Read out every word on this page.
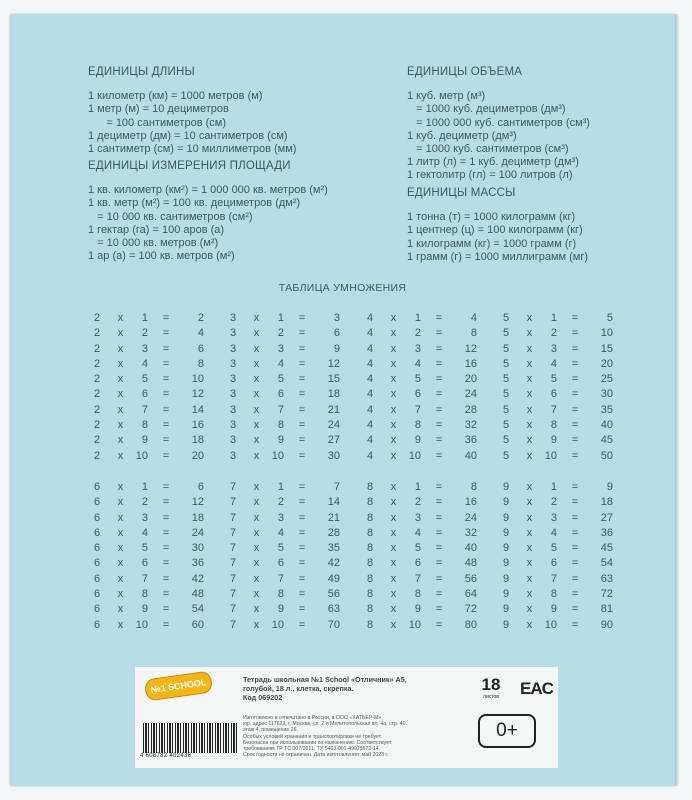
ЕДИНИЦЫ ДЛИНЫ
1 километр (км) = 1000 метров (м)
1 метр (м) = 10 дециметров
= 100 сантиметров (см)
1 дециметр (дм) = 10 сантиметров (см)
1 сантиметр (см) = 10 миллиметров (мм)
ЕДИНИЦЫ ИЗМЕРЕНИЯ ПЛОЩАДИ
1 кв. километр (км²) = 1 000 000 кв. метров (м²)
1 кв. метр (м²) = 100 кв. дециметров (дм²)
= 10 000 кв. сантиметров (см²)
1 гектар (га) = 100 аров (а)
= 10 000 кв. метров (м²)
1 ар (а) = 100 кв. метров (м²)
ЕДИНИЦЫ ОБЪЕМА
1 куб. метр (м³)
= 1000 куб. дециметров (дм³)
= 1000 000 куб. сантиметров (см³)
1 куб. дециметр (дм³)
= 1000 куб. сантиметров (см³)
1 литр (л) = 1 куб. дециметр (дм³)
1 гектолитр (гл) = 100 литров (л)
ЕДИНИЦЫ МАССЫ
1 тонна (т) = 1000 килограмм (кг)
1 центнер (ц) = 100 килограмм (кг)
1 килограмм (кг) = 1000 грамм (г)
1 грамм (г) = 1000 миллиграмм (мг)
ТАБЛИЦА УМНОЖЕНИЯ
2 x 1 =	2
2 x 2 =	4
2 x 3 =	6
2 x 4 =	8
2 x 5 = 10
2 x 6 = 12
2 x 7 = 14
2 x 8 = 16
2 x 9 = 18
2 x 10 = 20
3 x 1 =	3
3 x 2 =	6
3 x 3 =	9
3 x 4 = 12
3 x 5 = 15
3 x 6 = 18
3 x 7 = 21
3 x 8 = 24
3 x 9 = 27
3 x 10 = 30
4 x 1 =	4
4 x 2 =	8
4 x 3 = 12
4 x 4 = 16
4 x 5 = 20
4 x 6 = 24
4 x 7 = 28
4 x 8 = 32
4 x 9 = 36
4 x 10 = 40
5 x 1 =	5
5 x 2 = 10
5 x 3 = 15
5 x 4 = 20
5 x 5 = 25
5 x 6 = 30
5 x 7 = 35
5 x 8 = 40
5 x 9 = 45
5 x 10 = 50
6 x 1 =	6
6 x 2 = 12
6 x 3 = 18
6 x 4 = 24
6 x 5 = 30
6 x 6 = 36
6 x 7 = 42
6 x 8 = 48
6 x 9 = 54
6 x 10 = 60
7 x 1 =	7
7 x 2 = 14
7 x 3 = 21
7 x 4 = 28
7 x 5 = 35
7 x 6 = 42
7 x 7 = 49
7 x 8 = 56
7 x 9 = 63
7 x 10 = 70
8 x 1 =	8
8 x 2 = 16
8 x 3 = 24
8 x 4 = 32
8 x 5 = 40
8 x 6 = 48
8 x 7 = 56
8 x 8 = 64
8 x 9 = 72
8 x 10 = 80
9 x 1 =	9
9 x 2 = 18
9 x 3 = 27
9 x 4 = 36
9 x 5 = 45
9 x 6 = 54
9 x 7 = 63
9 x 8 = 72
9 x 9 = 81
9 x 10 = 90
№1 SCHOOL	Тетрадь школьная №1 School «Отличник» А5,
голубой, 18 л., клетка, скрепка.
Код 069202
Изготовлено и отпечатано в России, в ООО «ХАТБЕР-М»,
юр. адрес 117623, г. Москва, ул. 2-я Мелитопольская вл. 4а, стр. 40,
этаж 4, помещение 26.
Особых условий хранения и транспортировки не требует.
Безопасна при использовании по назначению. Соответствует
требованиям ТР ТС 007/2011. ТУ 5463-001-49925672-14.
Срок годности не ограничен. Дата изготовления: май 2023 г.
18
листов	EAC
0+
4 606782 402436
